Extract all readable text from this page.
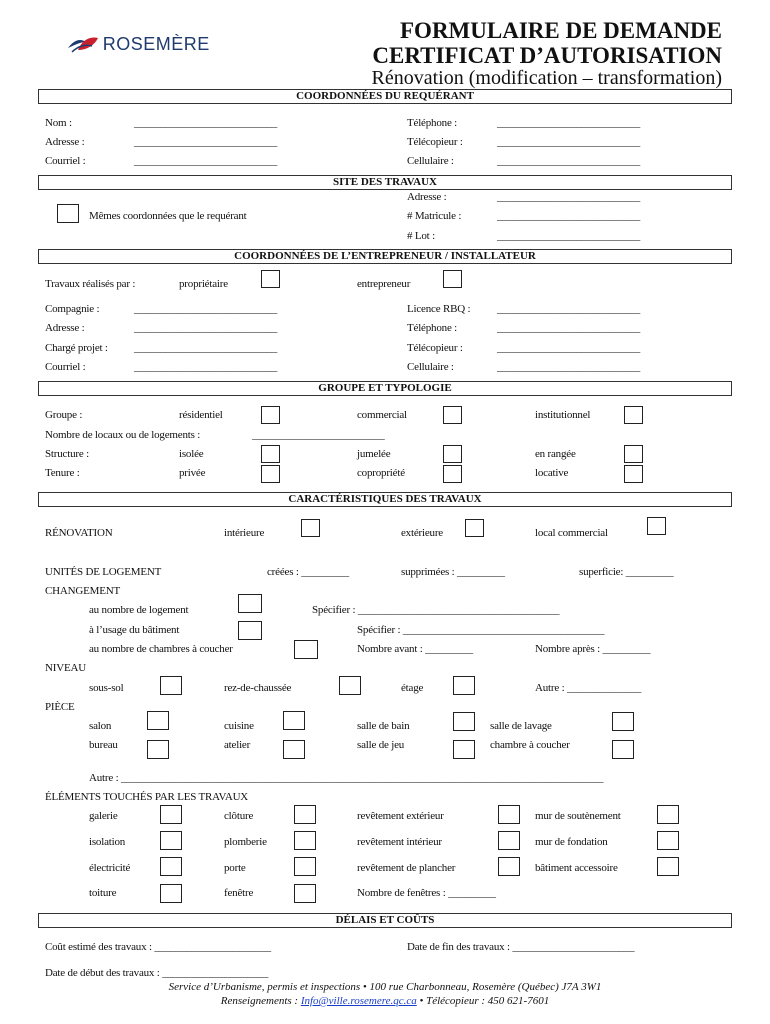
ROSEMÈRE
FORMULAIRE DE DEMANDE
CERTIFICAT D’AUTORISATION
Rénovation (modification – transformation)
COORDONNÉES DU REQUÉRANT
Nom :	___________________________	Téléphone :	___________________________
Adresse :	___________________________	Télécopieur :	___________________________
Courriel :	___________________________	Cellulaire :	___________________________
SITE DES TRAVAUX
Adresse :	___________________________
Mêmes coordonnées que le requérant	# Matricule :	___________________________
# Lot :	___________________________
COORDONNÉES DE L’ENTREPRENEUR / INSTALLATEUR
Travaux réalisés par :	propriétaire	entrepreneur
Compagnie :	___________________________	Licence RBQ : ___________________________
Adresse :	___________________________	Téléphone :	___________________________
Chargé projet : ___________________________	Télécopieur :	___________________________
Courriel :	___________________________	Cellulaire :	___________________________
GROUPE ET TYPOLOGIE
Groupe :	résidentiel	commercial	institutionnel
Nombre de locaux ou de logements :	_________________________
Structure :	isolée	jumelée	en rangée
Tenure :	privée	copropriété	locative
CARACTÉRISTIQUES DES TRAVAUX
RÉNOVATION	intérieure	extérieure	local commercial
UNITÉS DE LOGEMENT	créées : _________	supprimées : _________	superficie: _________
CHANGEMENT
au nombre de logement	Spécifier : ______________________________________
à l’usage du bâtiment	Spécifier : ______________________________________
au nombre de chambres à coucher	Nombre avant : _________	Nombre après : _________
NIVEAU
sous-sol	rez-de-chaussée	étage	Autre : ______________
PIÈCE
salon	cuisine	salle de bain	salle de lavage
bureau	atelier	salle de jeu	chambre à coucher
Autre : ___________________________________________________________________________________________
ÉLÉMENTS TOUCHÉS PAR LES TRAVAUX
galerie	clôture	revêtement extérieur	mur de soutènement
isolation	plomberie	revêtement intérieur	mur de fondation
électricité	porte	revêtement de plancher	bâtiment accessoire
toiture	fenêtre	Nombre de fenêtres : _________
DÉLAIS ET COÛTS
Coût estimé des travaux : ______________________	Date de fin des travaux : _______________________
Date de début des travaux : ____________________
Service d’Urbanisme, permis et inspections • 100 rue Charbonneau, Rosemère (Québec) J7A 3W1
Renseignements : Info@ville.rosemere.qc.ca • Télécopieur : 450 621-7601
